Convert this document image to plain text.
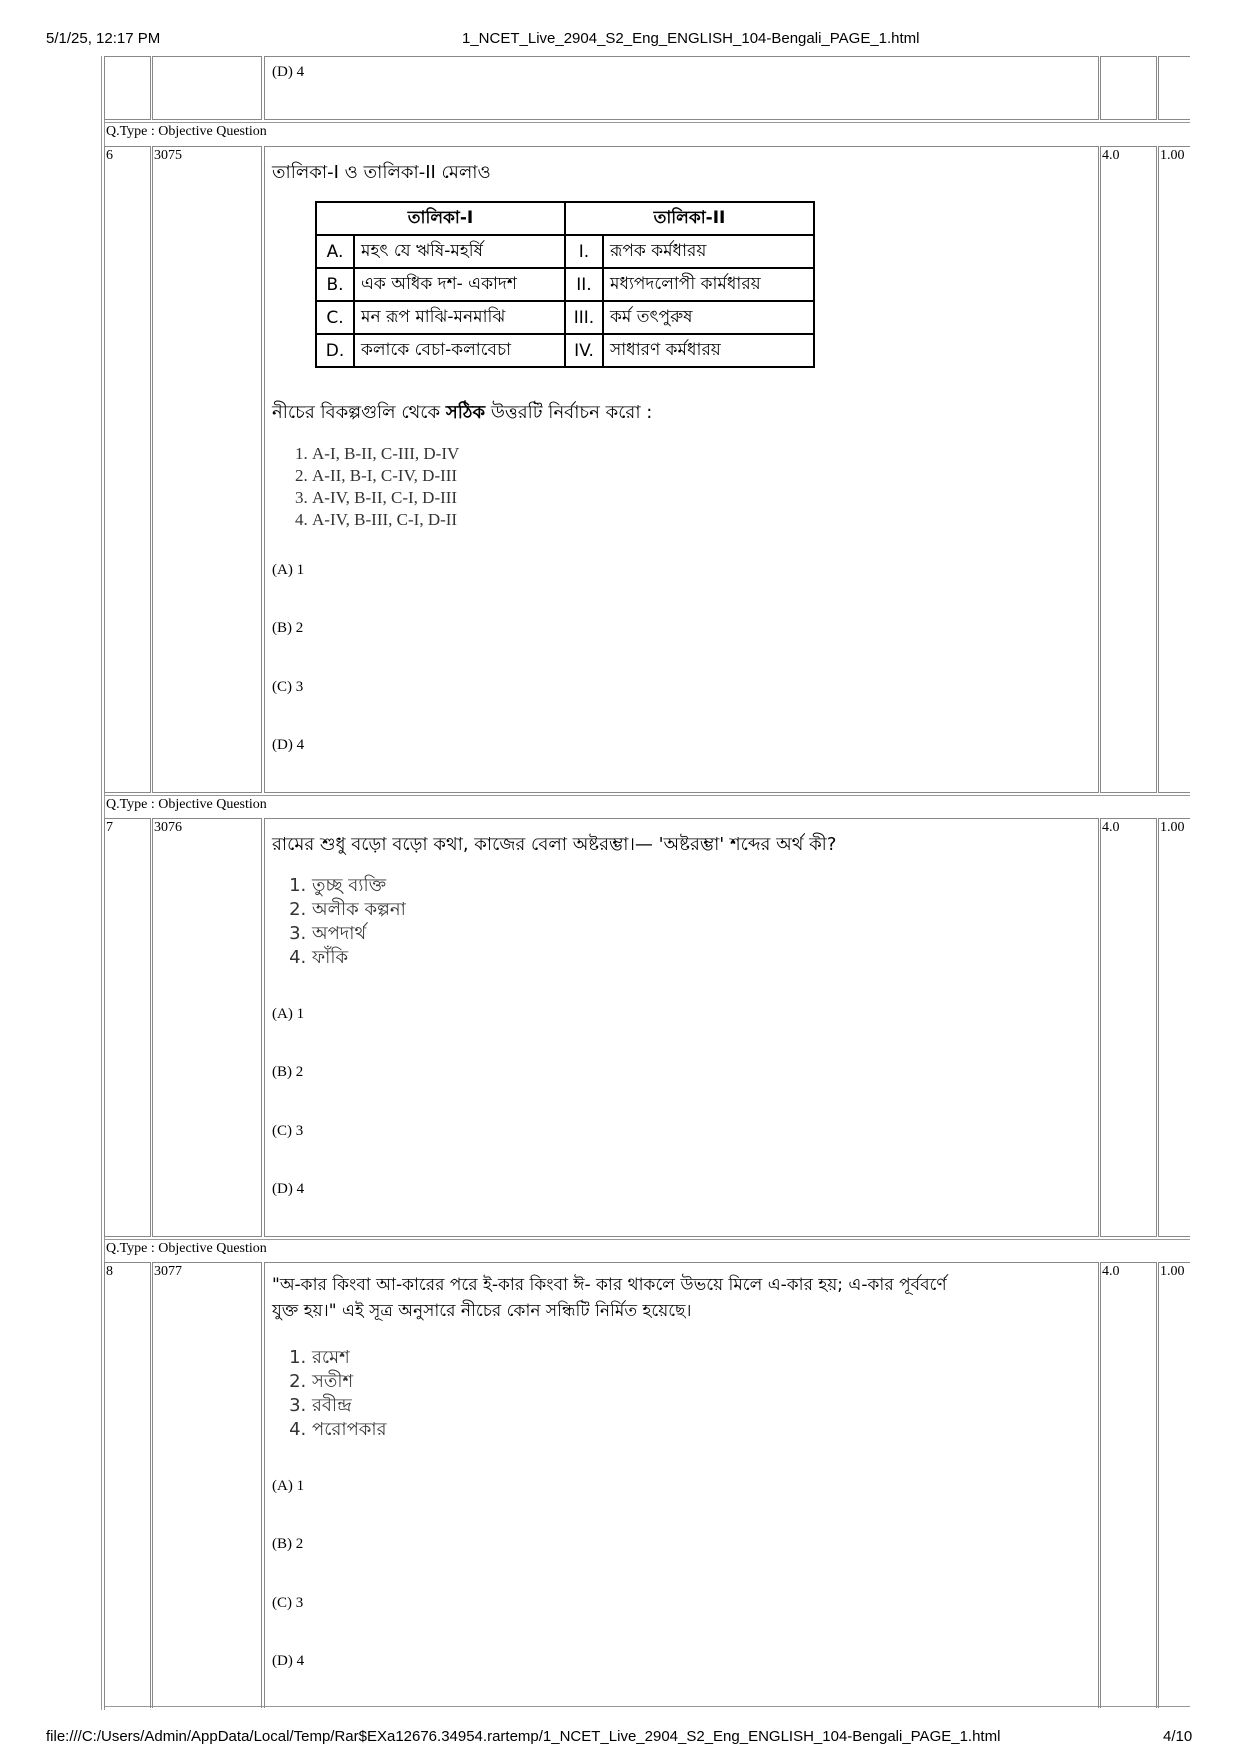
5/1/25, 12:17 PM	1_NCET_Live_2904_S2_Eng_ENGLISH_104-Bengali_PAGE_1.html
file:///C:/Users/Admin/AppData/Local/Temp/Rar$EXa12676.34954.rartemp/1_NCET_Live_2904_S2_Eng_ENGLISH_104-Bengali_PAGE_1.html	4/10
(D) 4
Q.Type : Objective Question
6	3075	4.0	1.00
তালিকা-I ও তালিকা-II মেলাও
তালিকা-I		তালিকা-II	
A.	মহৎ যে ঋষি-মহর্ষি	I.	রূপক কর্মধারয়
B.	এক অধিক দশ- একাদশ	II.	মধ্যপদলোপী কার্মধারয়
C.	মন রূপ মাঝি-মনমাঝি	III.	কর্ম তৎপুরুষ
D.	কলাকে বেচা-কলাবেচা	IV.	সাধারণ কর্মধারয়
নীচের বিকল্পগুলি থেকে সঠিক উত্তরটি নির্বাচন করো :
1. A-I, B-II, C-III, D-IV
2. A-II, B-I, C-IV, D-III
3. A-IV, B-II, C-I, D-III
4. A-IV, B-III, C-I, D-II
(A) 1
(B) 2
(C) 3
(D) 4
Q.Type : Objective Question
7	3076	4.0	1.00
রামের শুধু বড়ো বড়ো কথা, কাজের বেলা অষ্টরম্ভা।— 'অষ্টরম্ভা' শব্দের অর্থ কী?
1. তুচ্ছ ব্যক্তি
2. অলীক কল্পনা
3. অপদার্থ
4. ফাঁকি
(A) 1
(B) 2
(C) 3
(D) 4
Q.Type : Objective Question
8	3077	4.0	1.00
"অ-কার কিংবা আ-কারের পরে ই-কার কিংবা ঈ- কার থাকলে উভয়ে মিলে এ-কার হয়; এ-কার পূর্ববর্ণে
যুক্ত হয়।" এই সূত্র অনুসারে নীচের কোন সন্ধিটি নির্মিত হয়েছে।
1. রমেশ
2. সতীশ
3. রবীন্দ্র
4. পরোপকার
(A) 1
(B) 2
(C) 3
(D) 4
